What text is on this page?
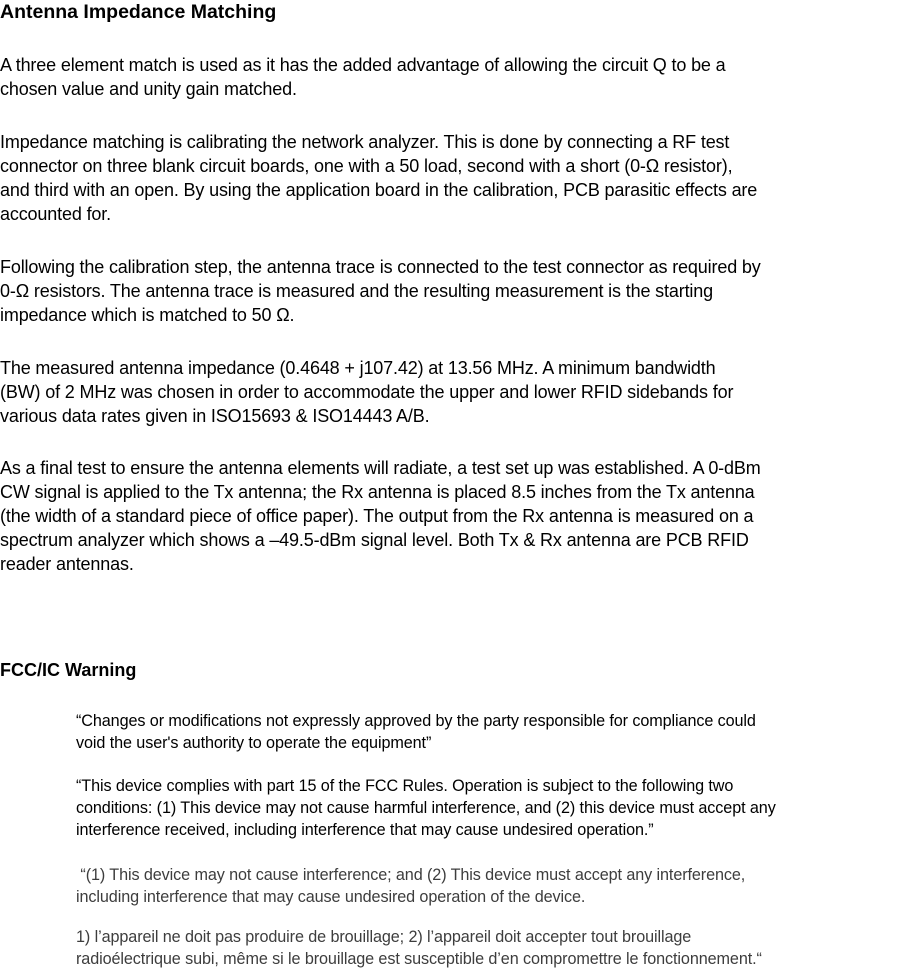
Antenna Impedance Matching

A three element match is used as it has the added advantage of allowing the circuit Q to be a
chosen value and unity gain matched.

Impedance matching is calibrating the network analyzer. This is done by connecting a RF test
connector on three blank circuit boards, one with a 50 load, second with a short (0-Ω resistor),
and third with an open. By using the application board in the calibration, PCB parasitic effects are
accounted for.

Following the calibration step, the antenna trace is connected to the test connector as required by
0-Ω resistors. The antenna trace is measured and the resulting measurement is the starting
impedance which is matched to 50 Ω.

The measured antenna impedance (0.4648 + j107.42) at 13.56 MHz. A minimum bandwidth
(BW) of 2 MHz was chosen in order to accommodate the upper and lower RFID sidebands for
various data rates given in ISO15693 & ISO14443 A/B.

As a final test to ensure the antenna elements will radiate, a test set up was established. A 0-dBm
CW signal is applied to the Tx antenna; the Rx antenna is placed 8.5 inches from the Tx antenna
(the width of a standard piece of office paper). The output from the Rx antenna is measured on a
spectrum analyzer which shows a –49.5-dBm signal level. Both Tx & Rx antenna are PCB RFID
reader antennas.

FCC/IC Warning

“Changes or modifications not expressly approved by the party responsible for compliance could
void the user's authority to operate the equipment”

“This device complies with part 15 of the FCC Rules. Operation is subject to the following two
conditions: (1) This device may not cause harmful interference, and (2) this device must accept any
interference received, including interference that may cause undesired operation.”

“(1) This device may not cause interference; and (2) This device must accept any interference,
including interference that may cause undesired operation of the device.

1) l’appareil ne doit pas produire de brouillage; 2) l’appareil doit accepter tout brouillage
radioélectrique subi, même si le brouillage est susceptible d’en compromettre le fonctionnement.“
